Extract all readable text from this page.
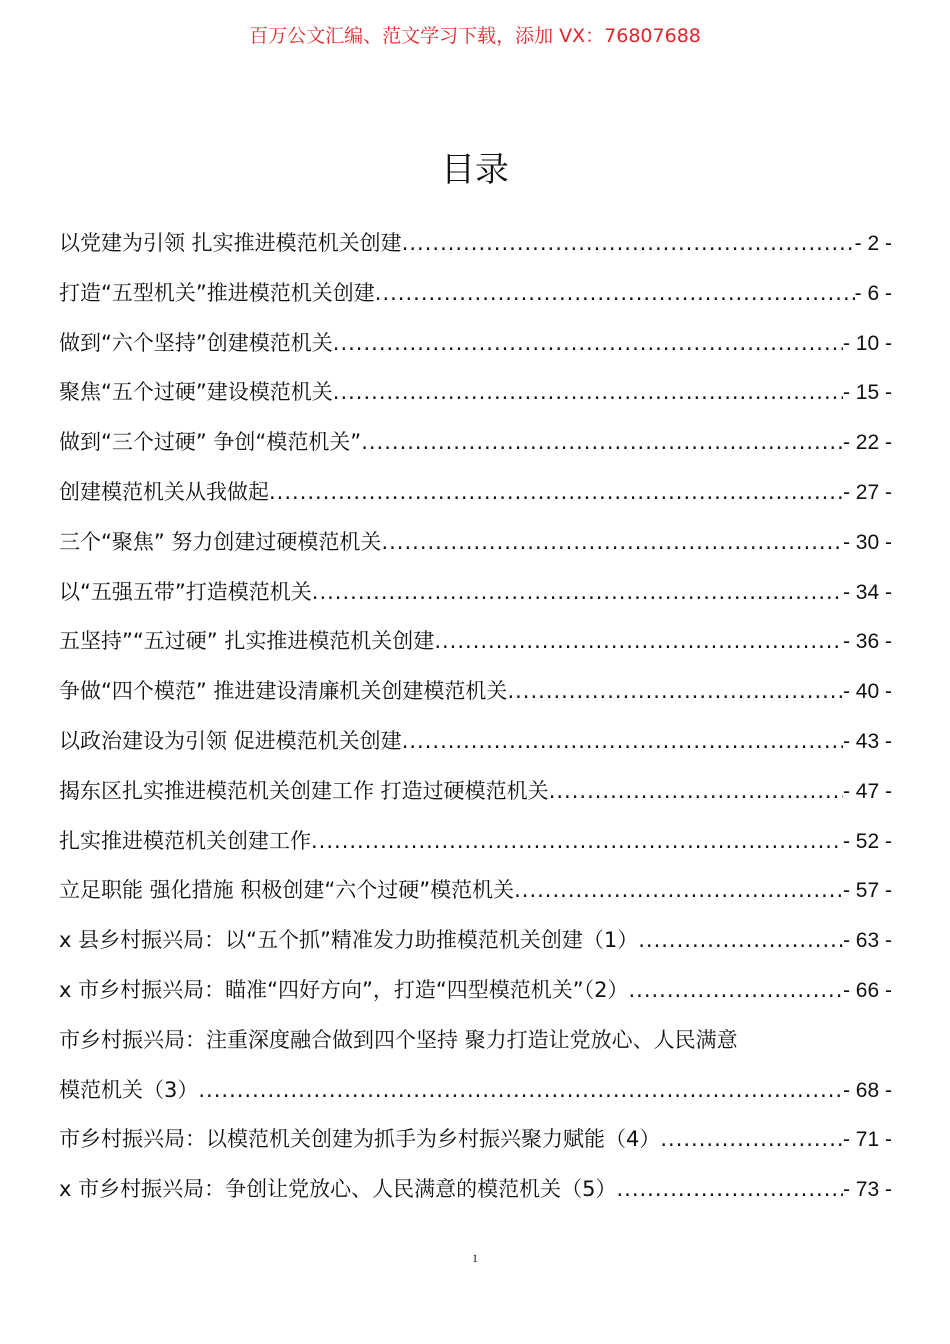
百万公文汇编、范文学习下载，添加 VX：76807688
目录
以党建为引领 扎实推进模范机关创建 .....	- 2 -
打造“五型机关”推进模范机关创建 .....	- 6 -
做到“六个坚持”创建模范机关 .....	- 10 -
聚焦“五个过硬”建设模范机关 .....	- 15 -
做到“三个过硬” 争创“模范机关” .....	- 22 -
创建模范机关从我做起 .....	- 27 -
三个“聚焦” 努力创建过硬模范机关 .....	- 30 -
以“五强五带”打造模范机关 .....	- 34 -
五坚持”“五过硬” 扎实推进模范机关创建 .....	- 36 -
争做“四个模范” 推进建设清廉机关创建模范机关 .....	- 40 -
以政治建设为引领 促进模范机关创建 .....	- 43 -
揭东区扎实推进模范机关创建工作 打造过硬模范机关 .....	- 47 -
扎实推进模范机关创建工作 .....	- 52 -
立足职能 强化措施 积极创建“六个过硬”模范机关 .....	- 57 -
x 县乡村振兴局：以“五个抓”精准发力助推模范机关创建（1） .....	- 63 -
x 市乡村振兴局：瞄准“四好方向”，打造“四型模范机关”（2） .....	- 66 -
市乡村振兴局：注重深度融合做到四个坚持 聚力打造让党放心、人民满意
模范机关（3） .....	- 68 -
市乡村振兴局：以模范机关创建为抓手为乡村振兴聚力赋能（4） .....	- 71 -
x 市乡村振兴局：争创让党放心、人民满意的模范机关（5） .....	- 73 -
1
